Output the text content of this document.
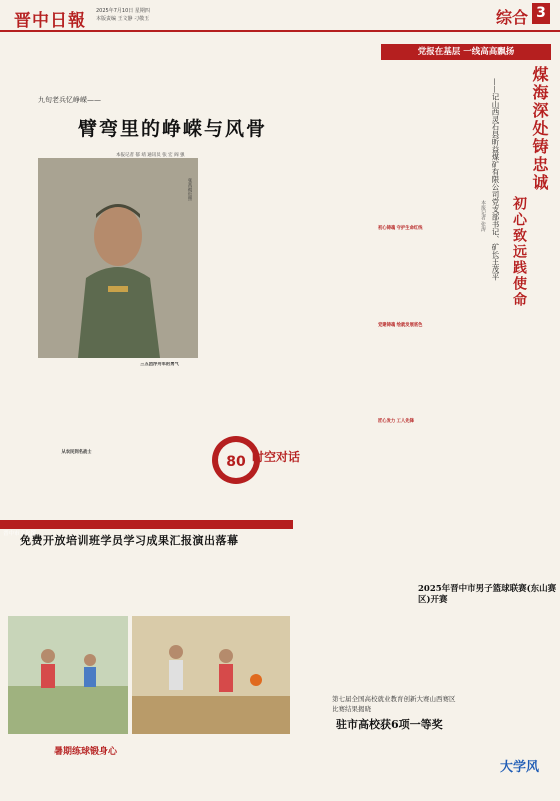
晋中日報 2025年7月10日 星期四
本版责编 王文静 刁敬玉	综合 3
党报在基层 一线高高飘扬
初心铸魂 守护生命红线
党建铸魂 绘就发展底色
匠心发力 工人先锋
煤海深处铸忠诚
初心致远践使命
——记山西灵石县昕益煤矿有限公司党支部书记、矿长王茂平
本报记者 张涛
九旬老兵忆峥嵘——
臂弯里的峥嵘与风骨
本报记者 郁 靖 通讯员 张 宏 阎 强
张高福近照
从农民到名战士
三五团浮舟军的勇气
80 时空对话
晋中市文化馆
免费开放培训班学员学习成果汇报演出落幕
暑期练球锻身心
2025年晋中市男子篮球联赛(东山赛区)开赛
第七届全国高校就业教育创新大赛山西赛区
比赛结果揭晓
驻市高校获6项一等奖
大学风
